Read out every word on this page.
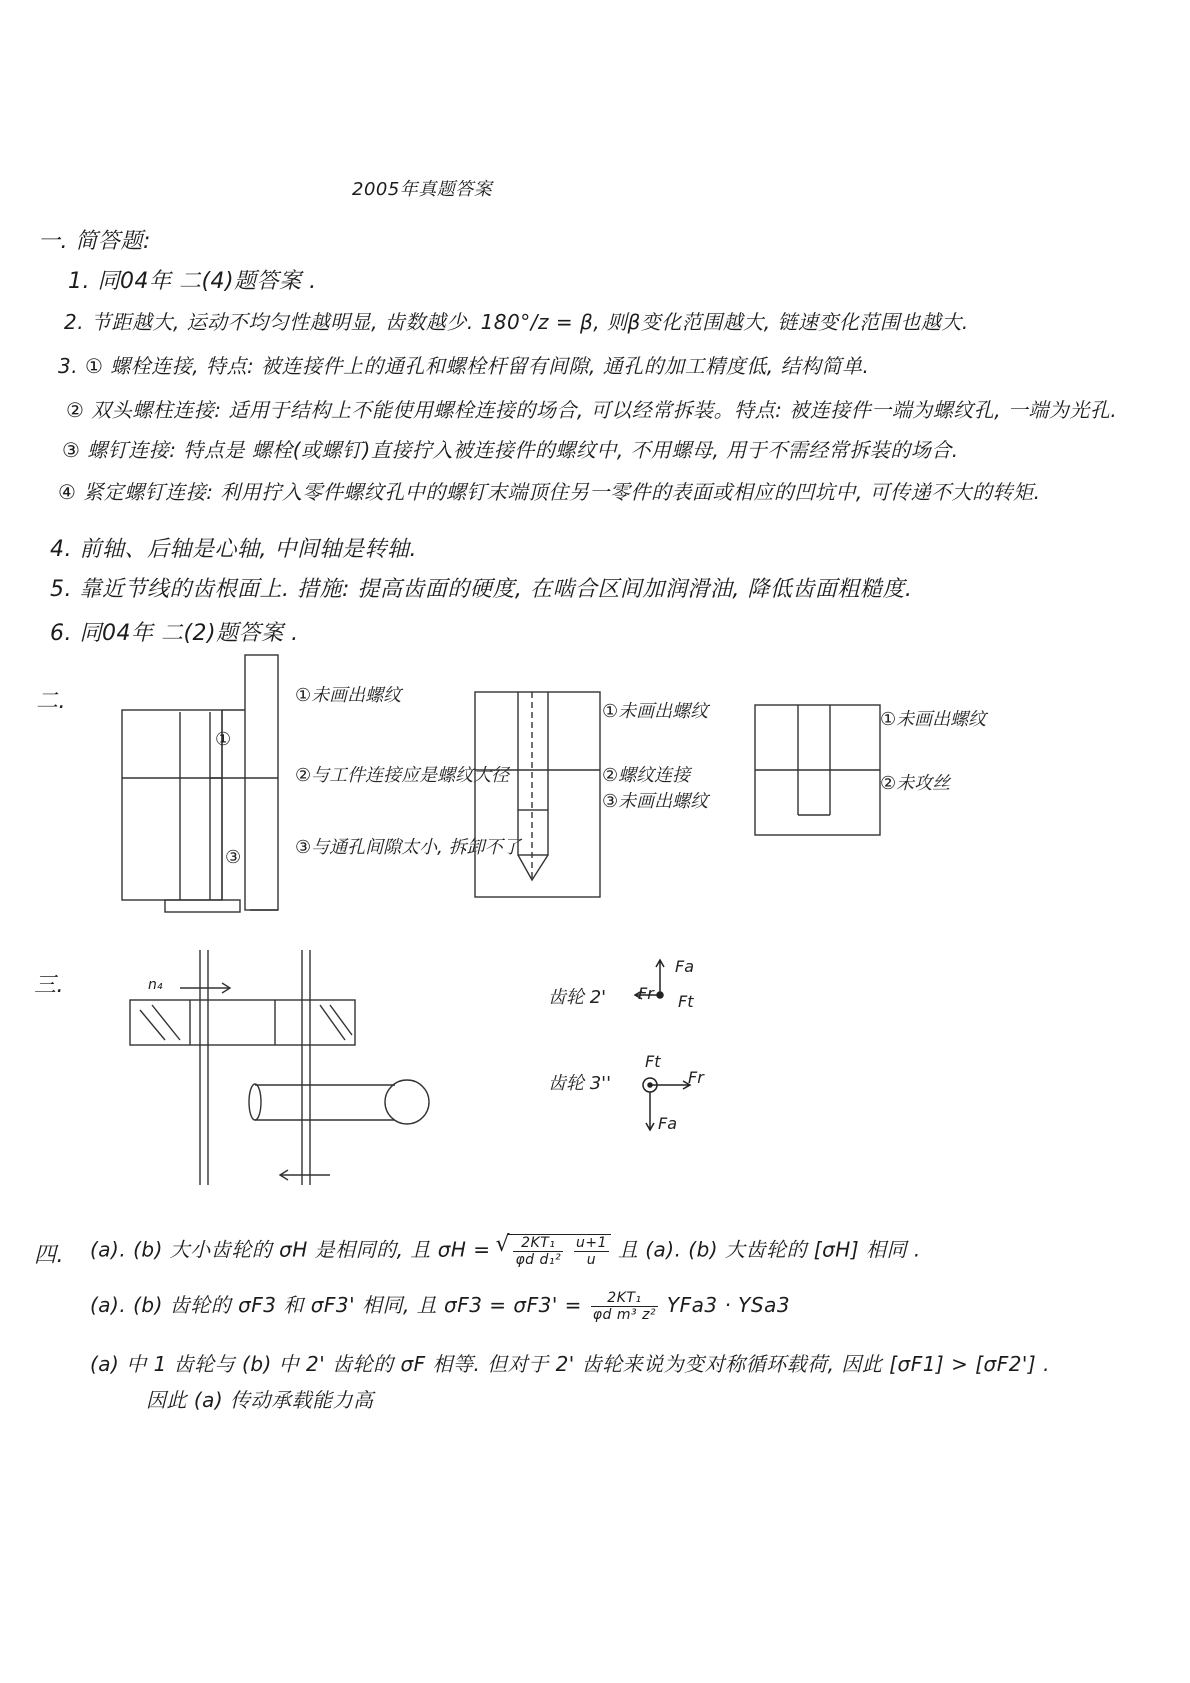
2005年真题答案
一. 简答题:
1. 同04年 二(4)题答案 .
2. 节距越大, 运动不均匀性越明显, 齿数越少. 180°/z = β, 则β变化范围越大, 链速变化范围也越大.
3. ① 螺栓连接, 特点: 被连接件上的通孔和螺栓杆留有间隙, 通孔的加工精度低, 结构简单.
② 双头螺柱连接: 适用于结构上不能使用螺栓连接的场合, 可以经常拆装。特点: 被连接件一端为螺纹孔, 一端为光孔.
③ 螺钉连接: 特点是 螺栓(或螺钉)直接拧入被连接件的螺纹中, 不用螺母, 用于不需经常拆装的场合.
④ 紧定螺钉连接: 利用拧入零件螺纹孔中的螺钉末端顶住另一零件的表面或相应的凹坑中, 可传递不大的转矩.
4. 前轴、后轴是心轴, 中间轴是转轴.
5. 靠近节线的齿根面上. 措施: 提高齿面的硬度, 在啮合区间加润滑油, 降低齿面粗糙度.
6. 同04年 二(2)题答案 .
二.
①
③
①未画出螺纹
②与工件连接应是螺纹大径
③与通孔间隙太小, 拆卸不了
①未画出螺纹
②螺纹连接
③未画出螺纹
①未画出螺纹
②未攻丝
三.	n₄
齿轮 2'
Fa
Fr Ft
齿轮 3''
Ft
Fr
Fa
四. (a). (b) 大小齿轮的 σH 是相同的, 且 σH =
√ $\frac{\text{2KT₁}}{\text{φd d₁²}}$
$\frac{u+1}{u}$ 且 (a). (b) 大齿轮的 [σH] 相同 .
(a). (b) 齿轮的 σF3 和 σF3' 相同, 且 $\sigma F3 = \sigma F3' = \frac{\text{2KT₁}}{\text{φd m³ z²}} YFa3 \cdot YSa3$
(a) 中 1 齿轮与 (b) 中 2' 齿轮的 σF 相等. 但对于 2' 齿轮来说为变对称循环载荷, 因此 [σF1] > [σF2'] .
因此 (a) 传动承载能力高
